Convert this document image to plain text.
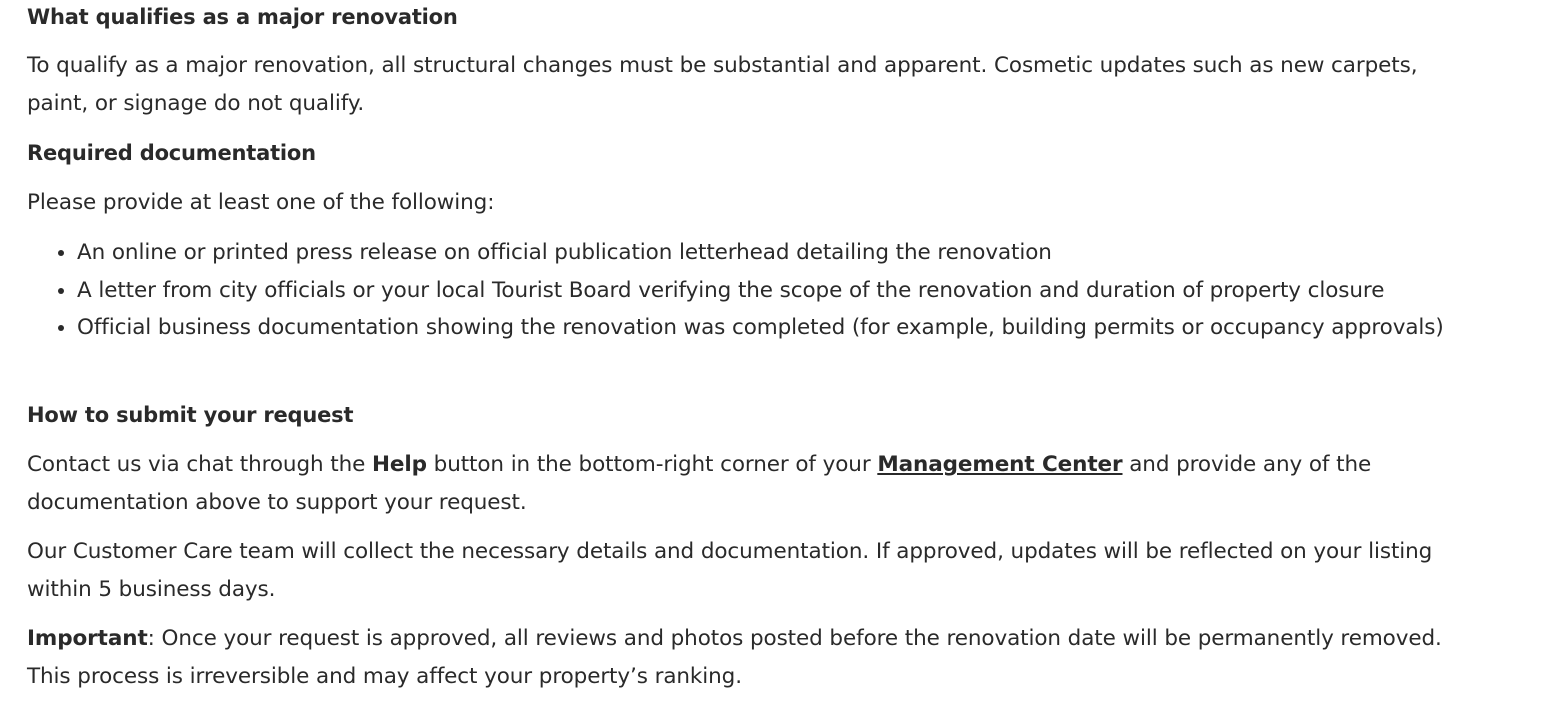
What qualifies as a major renovation

To qualify as a major renovation, all structural changes must be substantial and apparent. Cosmetic updates such as new carpets, paint, or signage do not qualify.

Required documentation

Please provide at least one of the following:

• An online or printed press release on official publication letterhead detailing the renovation
• A letter from city officials or your local Tourist Board verifying the scope of the renovation and duration of property closure
• Official business documentation showing the renovation was completed (for example, building permits or occupancy approvals)
How to submit your request

Contact us via chat through the Help button in the bottom-right corner of your Management Center and provide any of the documentation above to support your request.

Our Customer Care team will collect the necessary details and documentation. If approved, updates will be reflected on your listing within 5 business days.

Important: Once your request is approved, all reviews and photos posted before the renovation date will be permanently removed. This process is irreversible and may affect your property’s ranking.
